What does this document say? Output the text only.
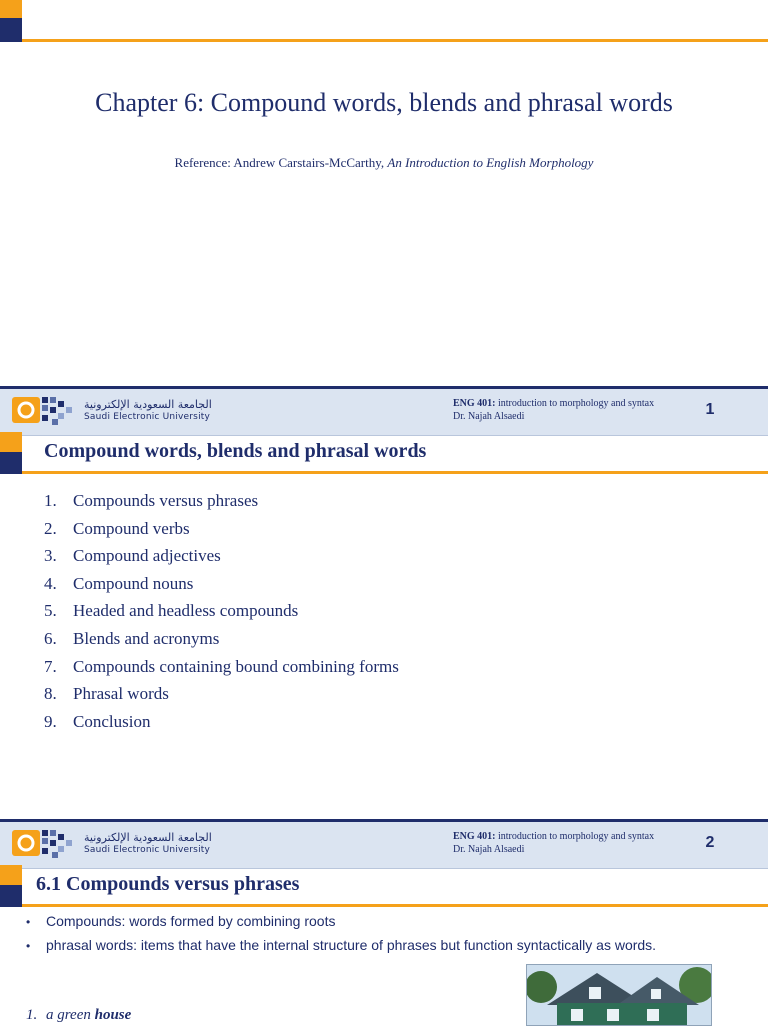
Chapter 6: Compound words, blends and phrasal words
Reference: Andrew Carstairs-McCarthy, An Introduction to English Morphology
الجامعة السعودية الإلكترونية
Saudi Electronic University
ENG 401: introduction to morphology and syntax
Dr. Najah Alsaedi	1
Compound words, blends and phrasal words
1. Compounds versus phrases
2. Compound verbs
3. Compound adjectives
4. Compound nouns
5. Headed and headless compounds
6. Blends and acronyms
7. Compounds containing bound combining forms
8. Phrasal words
9. Conclusion
الجامعة السعودية الإلكترونية
Saudi Electronic University
ENG 401: introduction to morphology and syntax
Dr. Najah Alsaedi	2
6.1 Compounds versus phrases
• Compounds: words formed by combining roots
• phrasal words: items that have the internal structure of phrases but function syntactically as words.
1. a green house
